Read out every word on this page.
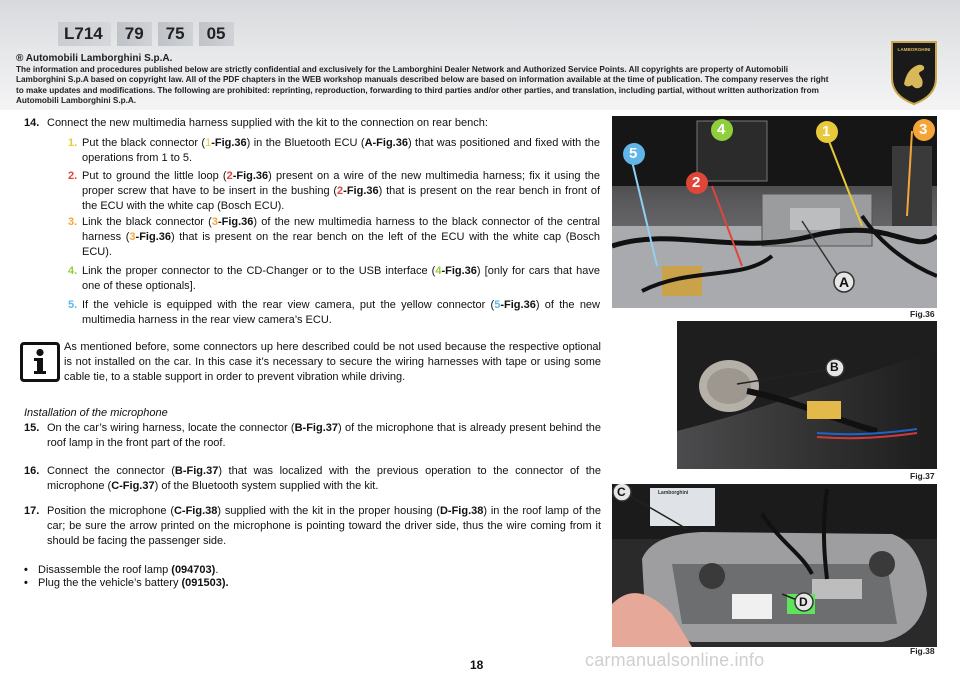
L714	79	75	05
LAMBORGHINI
® Automobili Lamborghini S.p.A.
The information and procedures published below are strictly confidential and exclusively for the Lamborghini Dealer Network and Authorized Service Points. All copyrights are property of Automobili Lamborghini S.p.A based on copyright law. All of the PDF chapters in the WEB workshop manuals described below are based on information available at the time of publication. The company reserves the right to make updates and modifications. The following are prohibited: reprinting, reproduction, forwarding to third parties and/or other parties, and translation, including partial, without written authorization from Automobili Lamborghini S.p.A.
14. Connect the new multimedia harness supplied with the kit to the connection on rear bench:
1. Put the black connector (1-Fig.36) in the Bluetooth ECU (A-Fig.36) that was positioned and fixed with the operations from 1 to 5.
2. Put to ground the little loop (2-Fig.36) present on a wire of the new multimedia harness; fix it using the proper screw that have to be insert in the bushing (2-Fig.36) that is present on the rear bench in front of the ECU with the white cap (Bosch ECU).
3. Link the black connector (3-Fig.36) of the new multimedia harness to the black connector of the central harness (3-Fig.36) that is present on the rear bench on the left of the ECU with the white cap (Bosch ECU).
4. Link the proper connector to the CD-Changer or to the USB interface (4-Fig.36) [only for cars that have one of these optionals].
5. If the vehicle is equipped with the rear view camera, put the yellow connector (5-Fig.36) of the new multimedia harness in the rear view camera’s ECU.
As mentioned before, some connectors up here described could be not used because the respective optional is not installed on the car. In this case it’s necessary to secure the wiring harnesses with tape or using some cable tie, to a stable support in order to prevent vibration while driving.
Installation of the microphone
15. On the car’s wiring harness, locate the connector (B-Fig.37) of the microphone that is already present behind the roof lamp in the front part of the roof.
16. Connect the connector (B-Fig.37) that was localized with the previous operation to the connector of the microphone (C-Fig.37) of the Bluetooth system supplied with the kit.
17. Position the microphone (C-Fig.38) supplied with the kit in the proper housing (D-Fig.38) in the roof lamp of the car; be sure the arrow printed on the microphone is pointing toward the driver side, thus the wire coming from it should be facing the passenger side.
• Disassemble the roof lamp (094703).
• Plug the the vehicle’s battery (091503).
5
2
4	1	3
A
Fig.36
B
Fig.37
Lamborghini
C
D
Fig.38
18	carmanualsonline.info
